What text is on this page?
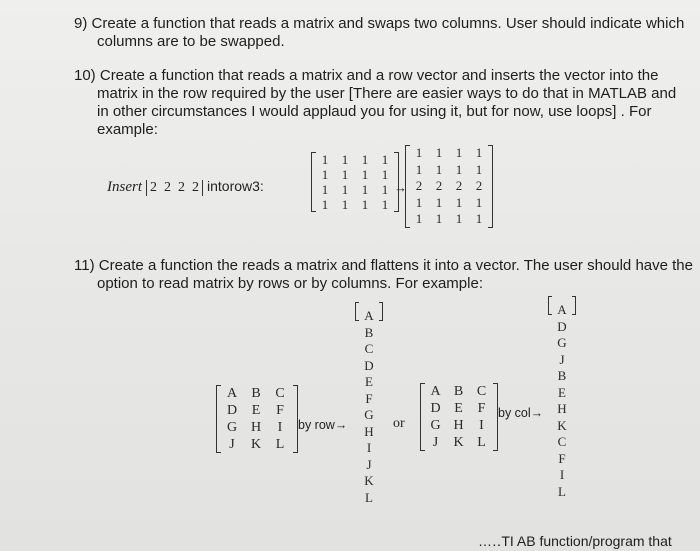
9) Create a function that reads a matrix and swaps two columns. User should indicate which
columns are to be swapped.
10) Create a function that reads a matrix and a row vector and inserts the vector into the
matrix in the row required by the user [There are easier ways to do that in MATLAB and
in other circumstances I would applaud you for using it, but for now, use loops] . For
example:
Insert 2  2  2  2 intorow3:
1	1	1	1
1	1	1	1
1	1	1	1
1	1	1	1
→
1	1	1	1
1	1	1	1
2	2	2	2
1	1	1	1
1	1	1	1
11) Create a function the reads a matrix and flattens it into a vector. The user should have the
option to read matrix by rows or by columns. For example:
A	B	C
D	E	F
G H	I
J	K	L
by row→
A
B
C
D
E
F
G
H
I
J
K
L
or
A B C
D E	F
G H	I
J	K L
by col→
A
D
G
J
B
E
H
K
C
F
I
L
…‥TI AB function/program that
